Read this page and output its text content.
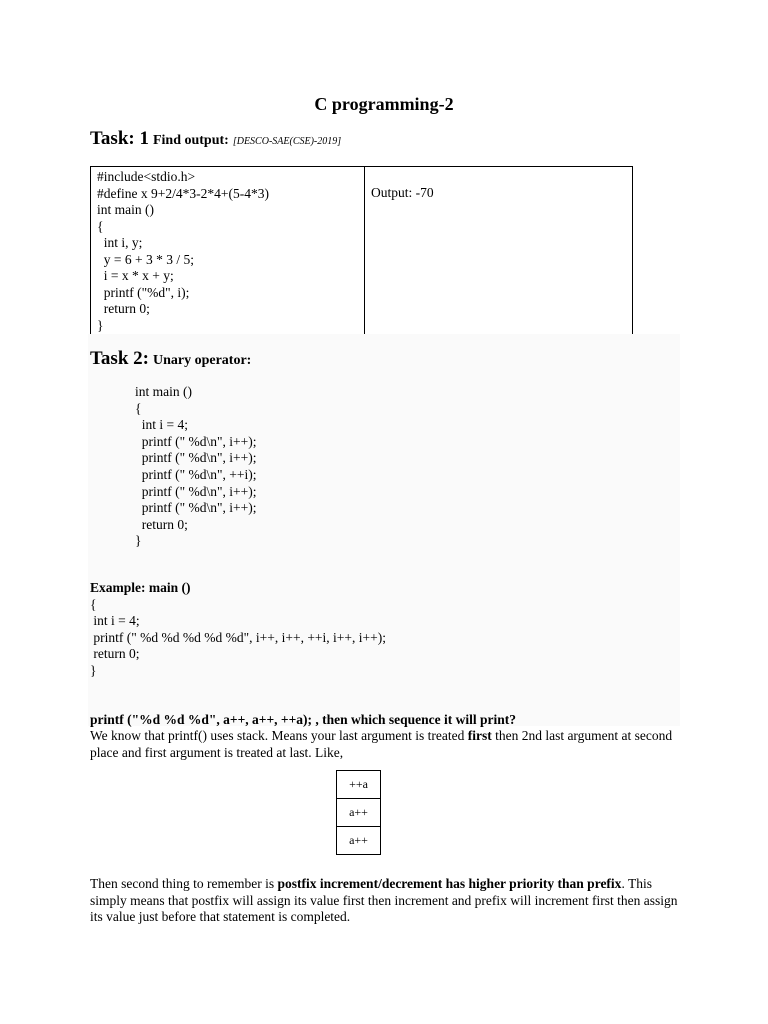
C programming-2
Task: 1 Find output: [DESCO-SAE(CSE)-2019]
#include<stdio.h>
#define x 9+2/4*3-2*4+(5-4*3)
int main ()
{
int i, y;
y = 6 + 3 * 3 / 5;
i = x * x + y;
printf ("%d", i);
return 0;
}

Output: -70
Task 2: Unary operator:
int main ()
{
int i = 4;
printf (" %d\n", i++);
printf (" %d\n", i++);
printf (" %d\n", ++i);
printf (" %d\n", i++);
printf (" %d\n", i++);
return 0;
}
Example: main ()
{
int i = 4;
printf (" %d %d %d %d %d", i++, i++, ++i, i++, i++);
return 0;
}
printf ("%d %d %d", a++, a++, ++a); , then which sequence it will print?
We know that printf() uses stack. Means your last argument is treated first then 2nd last argument at second place and first argument is treated at last. Like,
++a
a++
a++
Then second thing to remember is postfix increment/decrement has higher priority than prefix. This simply means that postfix will assign its value first then increment and prefix will increment first then assign its value just before that statement is completed.
